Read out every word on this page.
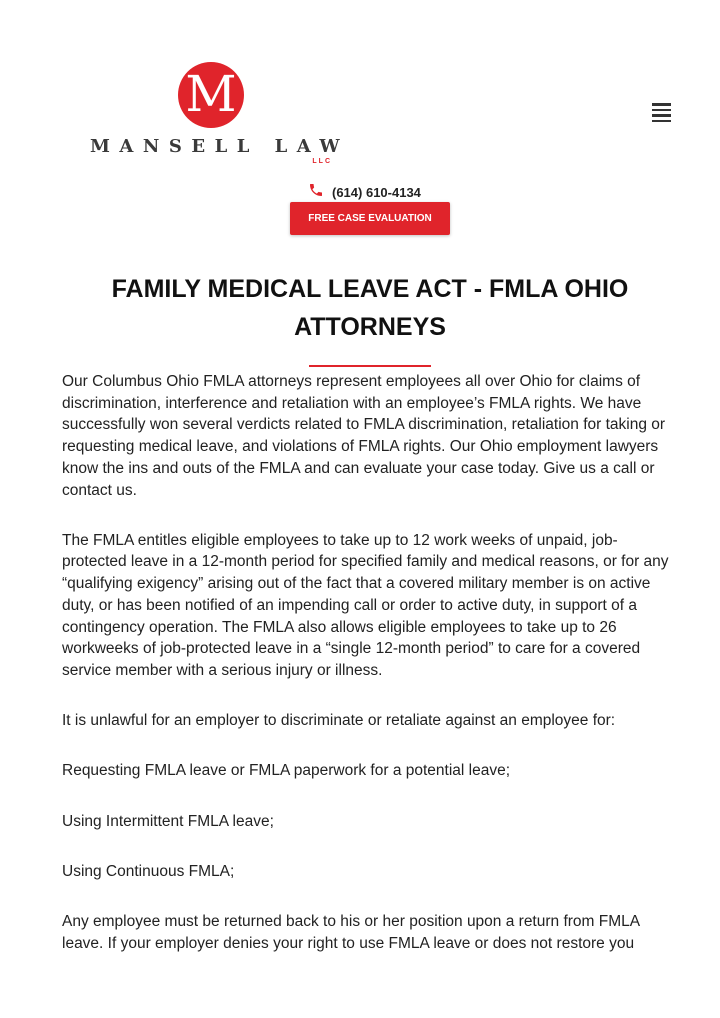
M
MANSELL LAW
LLC
(614) 610-4134
FREE CASE EVALUATION
FAMILY MEDICAL LEAVE ACT - FMLA OHIO ATTORNEYS

Our Columbus Ohio FMLA attorneys represent employees all over Ohio for claims of discrimination, interference and retaliation with an employee’s FMLA rights. We have successfully won several verdicts related to FMLA discrimination, retaliation for taking or requesting medical leave, and violations of FMLA rights. Our Ohio employment lawyers know the ins and outs of the FMLA and can evaluate your case today. Give us a call or contact us.

The FMLA entitles eligible employees to take up to 12 work weeks of unpaid, job-protected leave in a 12-month period for specified family and medical reasons, or for any “qualifying exigency” arising out of the fact that a covered military member is on active duty, or has been notified of an impending call or order to active duty, in support of a contingency operation. The FMLA also allows eligible employees to take up to 26 workweeks of job-protected leave in a “single 12-month period” to care for a covered service member with a serious injury or illness.

It is unlawful for an employer to discriminate or retaliate against an employee for:

Requesting FMLA leave or FMLA paperwork for a potential leave;

Using Intermittent FMLA leave;

Using Continuous FMLA;

Any employee must be returned back to his or her position upon a return from FMLA leave. If your employer denies your right to use FMLA leave or does not restore you
